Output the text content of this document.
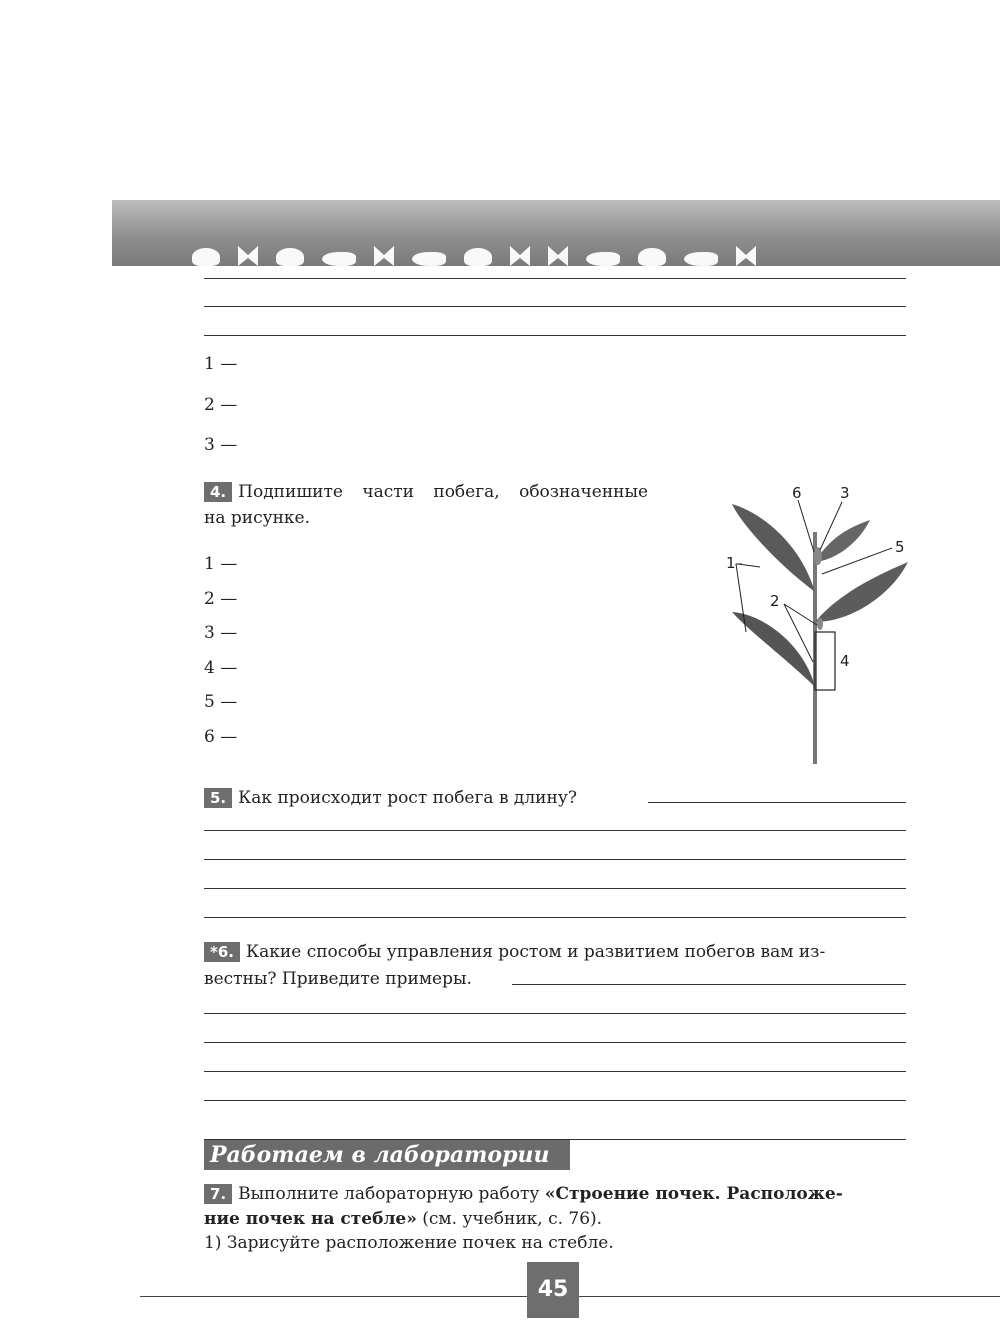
1 —
2 —
3 —
4. Подпишите части побега, обозначенные
на рисунке.
1 —
2 —
3 —
4 —
5 —
6 —
6	3
5
1
2
4
5. Как происходит рост побега в длину?
*6. Какие способы управления ростом и развитием побегов вам из-
вестны? Приведите примеры.
Работаем в лаборатории
7. Выполните лабораторную работу «Строение почек. Расположе-
ние почек на стебле» (см. учебник, с. 76).
1) Зарисуйте расположение почек на стебле.
45
